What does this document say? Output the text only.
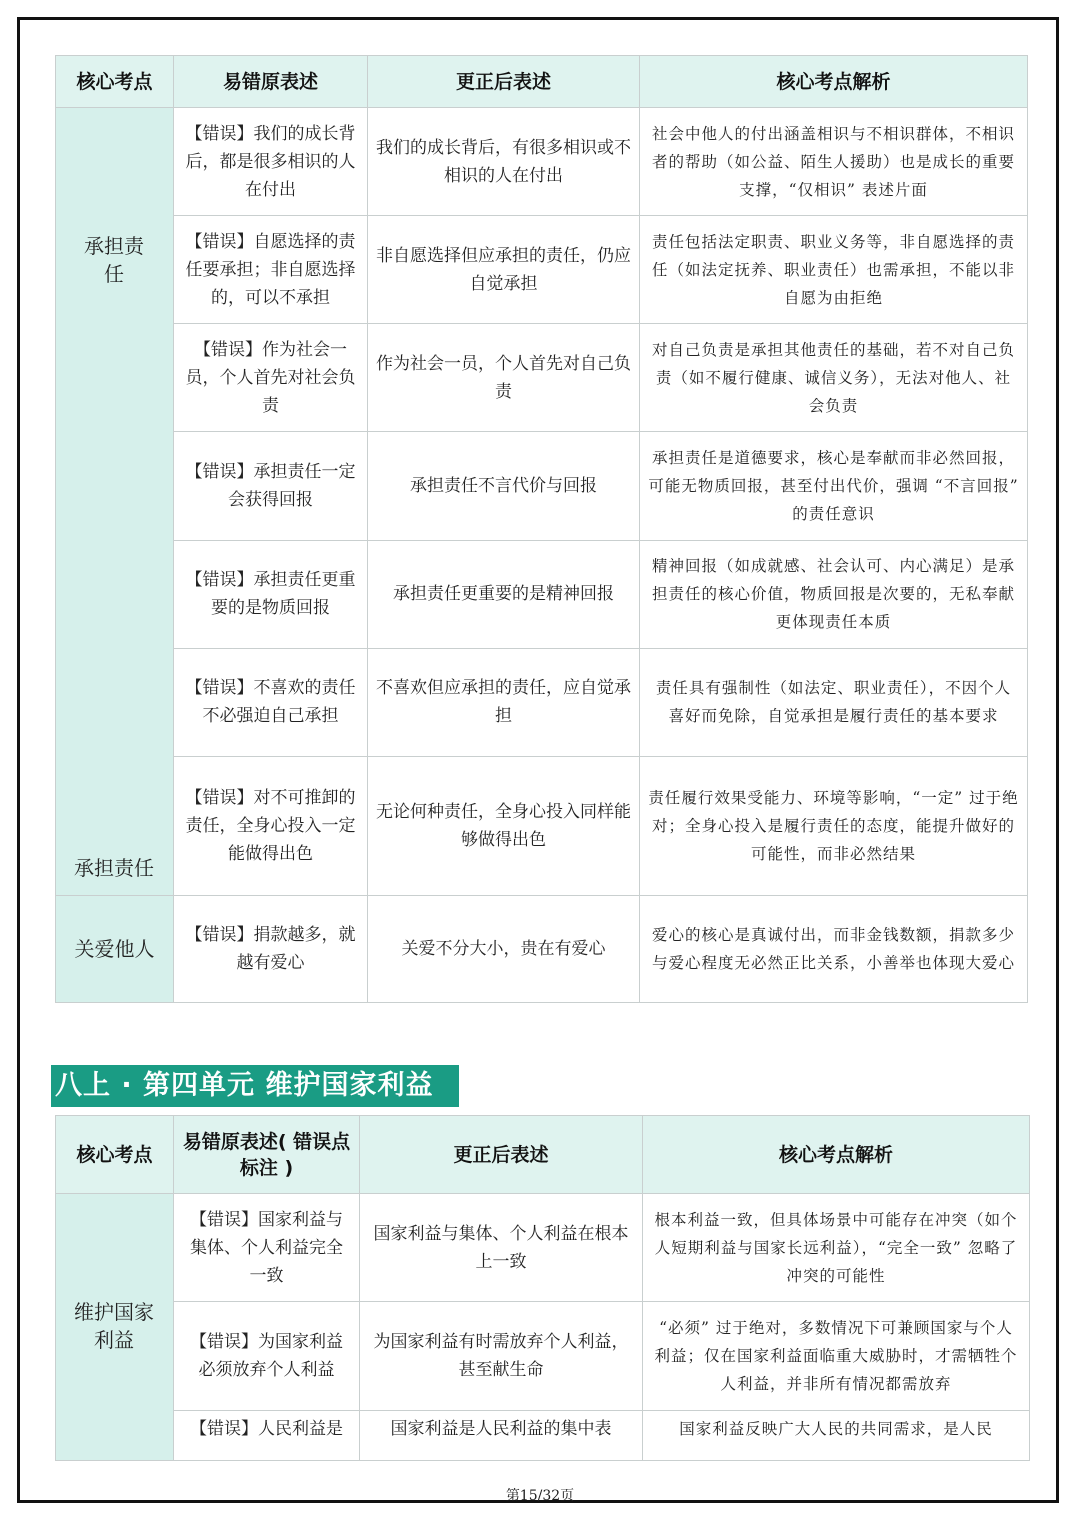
核心考点	易错原表述	更正后表述	核心考点解析

承担责任
承担责任	【错误】我们的成长背后，都是很多相识的人在付出	我们的成长背后，有很多相识或不相识的人在付出	社会中他人的付出涵盖相识与不相识群体，不相识者的帮助（如公益、陌生人援助）也是成长的重要支撑，“仅相识” 表述片面
	【错误】自愿选择的责任要承担；非自愿选择的，可以不承担	非自愿选择但应承担的责任，仍应自觉承担	责任包括法定职责、职业义务等，非自愿选择的责任（如法定抚养、职业责任）也需承担，不能以非自愿为由拒绝
	【错误】作为社会一员，个人首先对社会负责	作为社会一员，个人首先对自己负责	对自己负责是承担其他责任的基础，若不对自己负责（如不履行健康、诚信义务），无法对他人、社会负责
	【错误】承担责任一定会获得回报	承担责任不言代价与回报	承担责任是道德要求，核心是奉献而非必然回报，可能无物质回报，甚至付出代价，强调 “不言回报” 的责任意识
	【错误】承担责任更重要的是物质回报	承担责任更重要的是精神回报	精神回报（如成就感、社会认可、内心满足）是承担责任的核心价值，物质回报是次要的，无私奉献更体现责任本质
	【错误】不喜欢的责任不必强迫自己承担	不喜欢但应承担的责任，应自觉承担	责任具有强制性（如法定、职业责任），不因个人喜好而免除，自觉承担是履行责任的基本要求
	【错误】对不可推卸的责任，全身心投入一定能做得出色	无论何种责任，全身心投入同样能够做得出色	责任履行效果受能力、环境等影响，“一定” 过于绝对；全身心投入是履行责任的态度，能提升做好的可能性，而非必然结果
关爱他人	【错误】捐款越多，就越有爱心	关爱不分大小，贵在有爱心	爱心的核心是真诚付出，而非金钱数额，捐款多少与爱心程度无必然正比关系，小善举也体现大爱心
八上 · 第四单元 维护国家利益
核心考点	易错原表述( 错误点标注 )	更正后表述	核心考点解析

维护国家利益	【错误】国家利益与集体、个人利益完全一致	国家利益与集体、个人利益在根本上一致	根本利益一致，但具体场景中可能存在冲突（如个人短期利益与国家长远利益），“完全一致” 忽略了冲突的可能性
	【错误】为国家利益必须放弃个人利益	为国家利益有时需放弃个人利益，甚至献生命	“必须” 过于绝对，多数情况下可兼顾国家与个人利益；仅在国家利益面临重大威胁时，才需牺牲个人利益，并非所有情况都需放弃
	【错误】人民利益是	国家利益是人民利益的集中表	国家利益反映广大人民的共同需求，是人民
第15/32页
